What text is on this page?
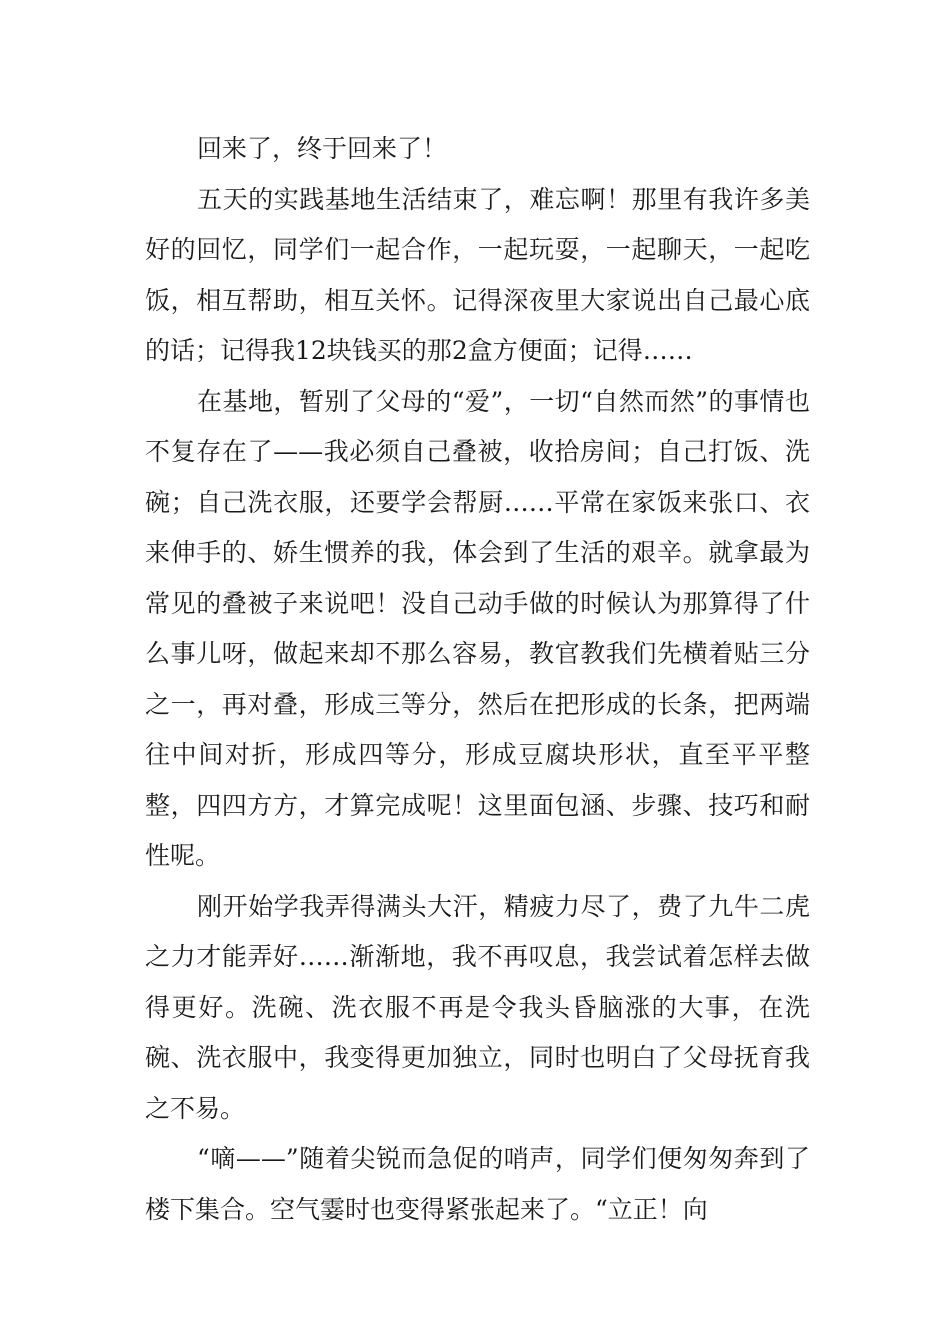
回来了，终于回来了！

五天的实践基地生活结束了，难忘啊！那里有我许多美好的回忆，同学们一起合作，一起玩耍，一起聊天，一起吃饭，相互帮助，相互关怀。记得深夜里大家说出自己最心底的话；记得我12块钱买的那2盒方便面；记得……

在基地，暂别了父母的“爱”，一切“自然而然”的事情也不复存在了——我必须自己叠被，收拾房间；自己打饭、洗碗；自己洗衣服，还要学会帮厨……平常在家饭来张口、衣来伸手的、娇生惯养的我，体会到了生活的艰辛。就拿最为常见的叠被子来说吧！没自己动手做的时候认为那算得了什么事儿呀，做起来却不那么容易，教官教我们先横着贴三分之一，再对叠，形成三等分，然后在把形成的长条，把两端往中间对折，形成四等分，形成豆腐块形状，直至平平整整，四四方方，才算完成呢！这里面包涵、步骤、技巧和耐性呢。

刚开始学我弄得满头大汗，精疲力尽了，费了九牛二虎之力才能弄好……渐渐地，我不再叹息，我尝试着怎样去做得更好。洗碗、洗衣服不再是令我头昏脑涨的大事，在洗碗、洗衣服中，我变得更加独立，同时也明白了父母抚育我之不易。

“嘀——”随着尖锐而急促的哨声，同学们便匆匆奔到了楼下集合。空气霎时也变得紧张起来了。“立正！向
